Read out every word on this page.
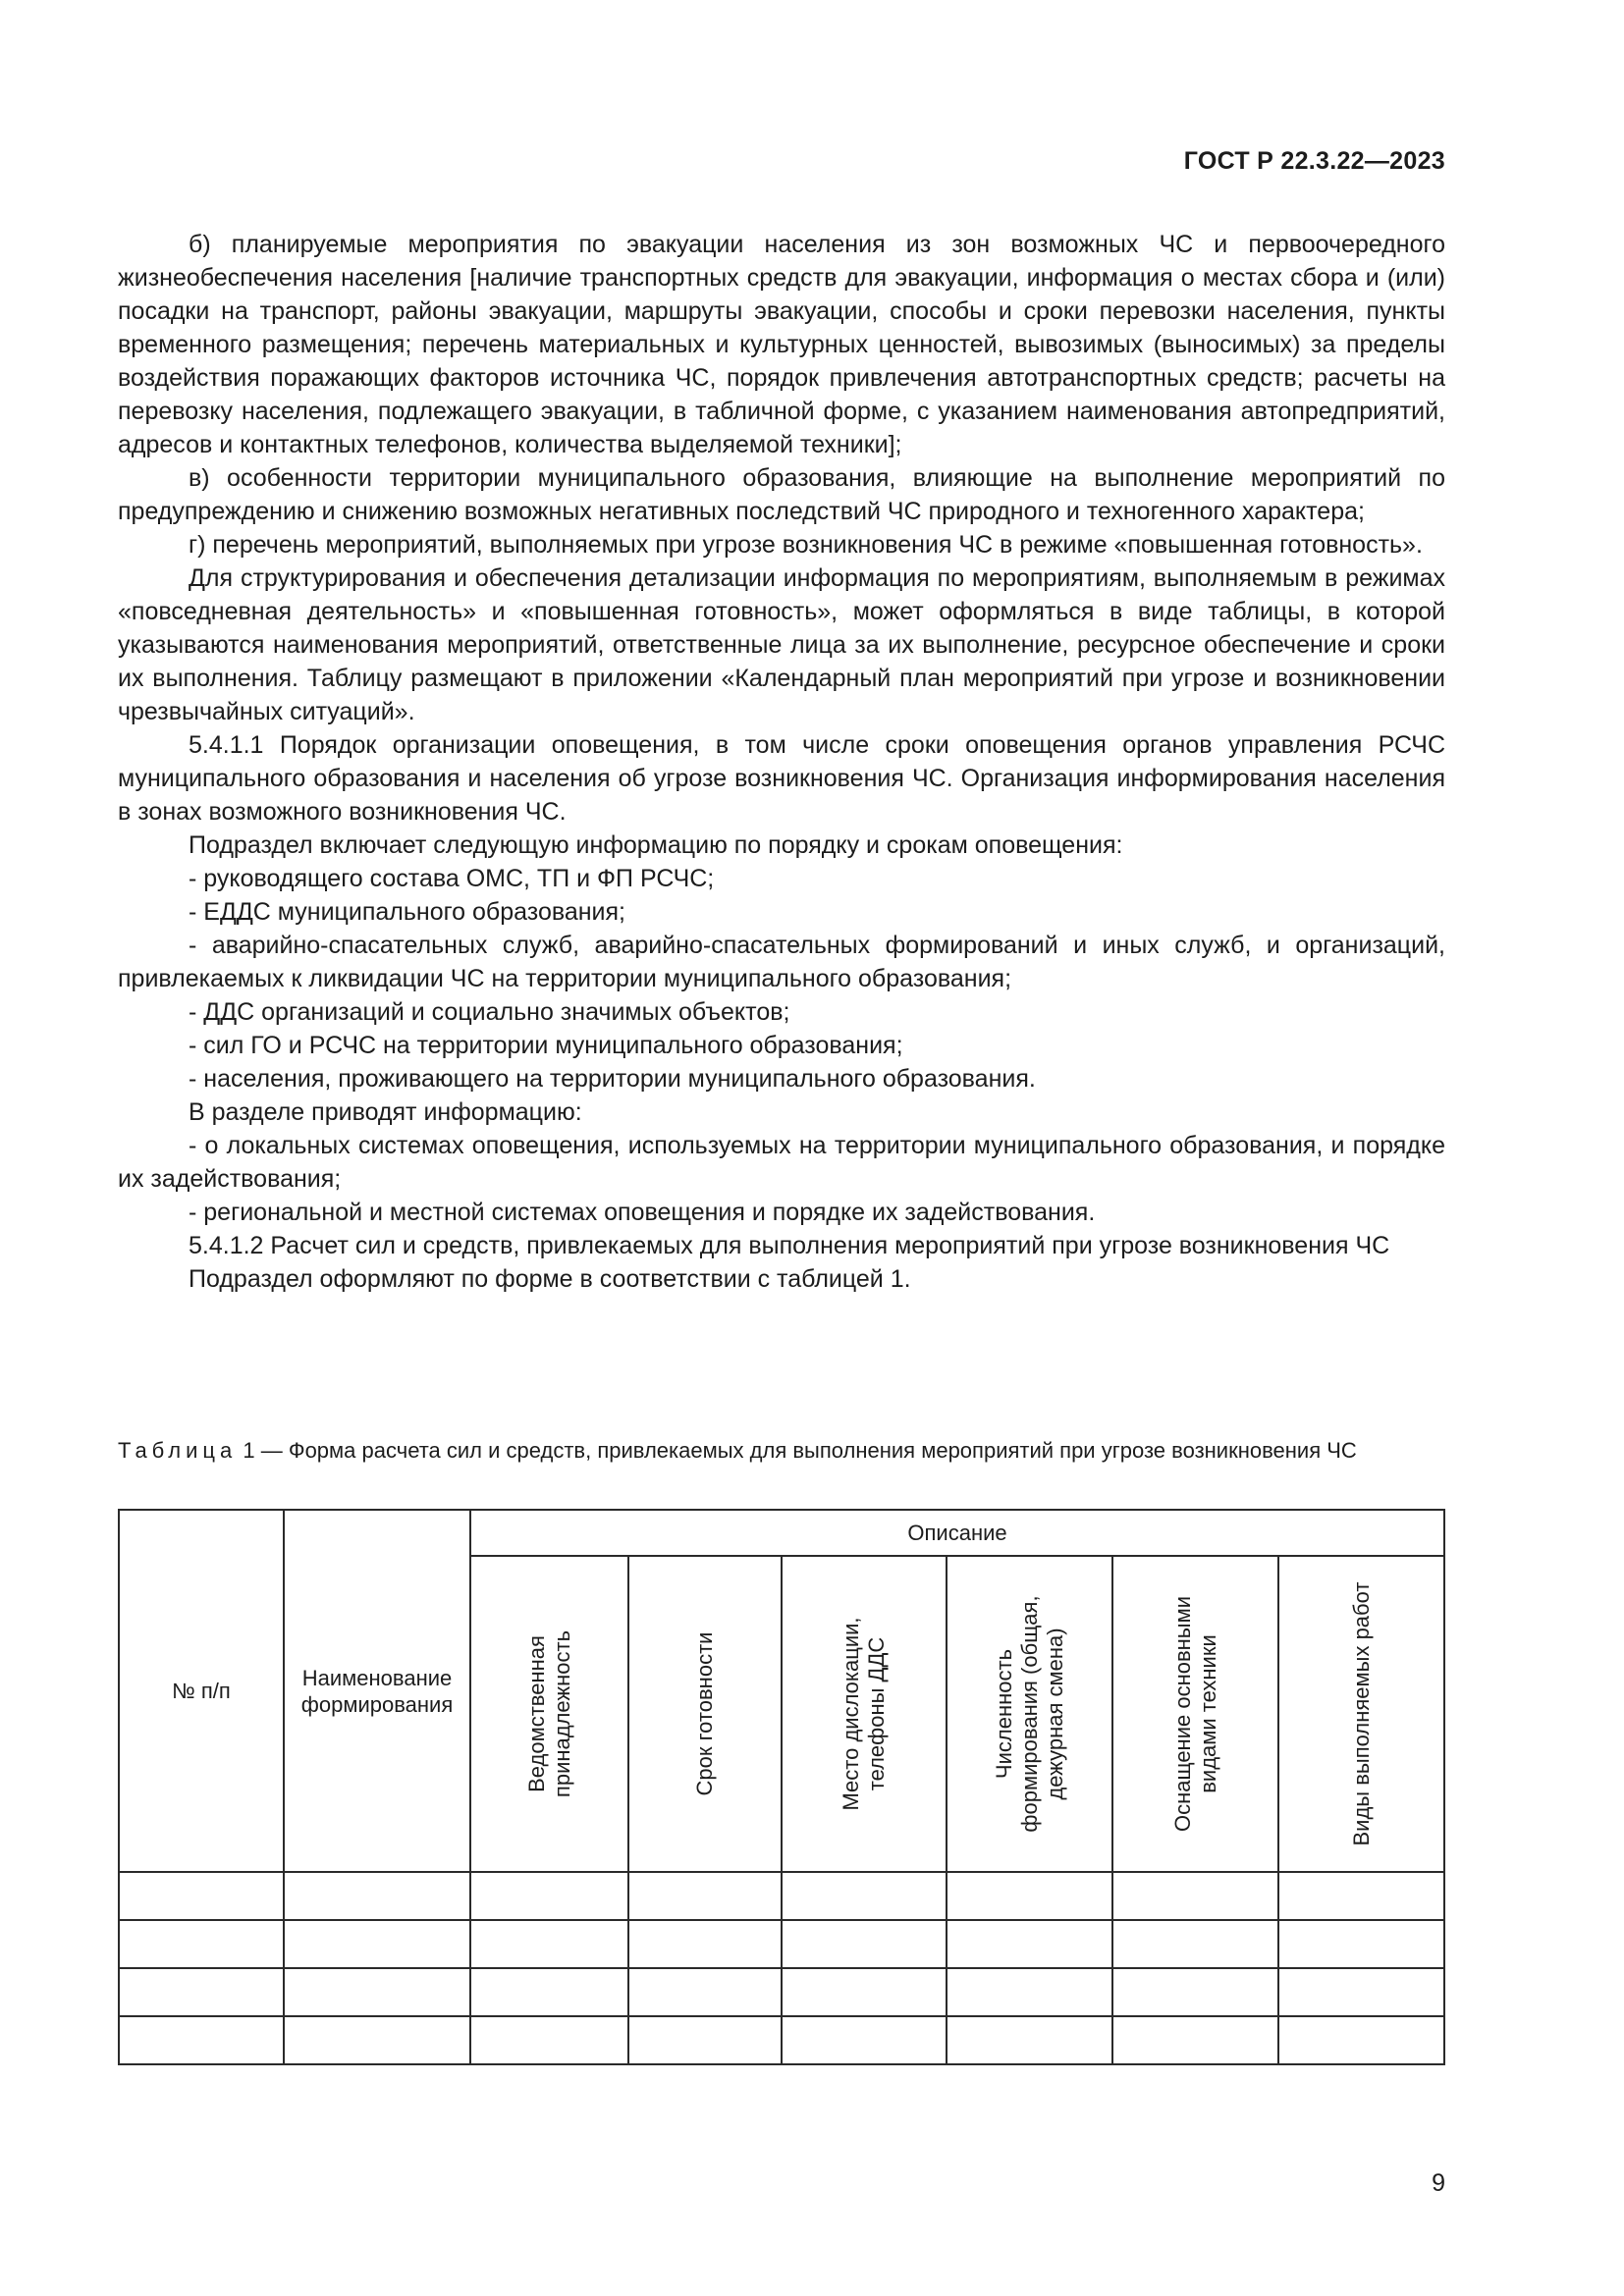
ГОСТ Р 22.3.22—2023

б) планируемые мероприятия по эвакуации населения из зон возможных ЧС и первоочередного жизнеобеспечения населения [наличие транспортных средств для эвакуации, информация о местах сбора и (или) посадки на транспорт, районы эвакуации, маршруты эвакуации, способы и сроки перевозки населения, пункты временного размещения; перечень материальных и культурных ценностей, вывозимых (выносимых) за пределы воздействия поражающих факторов источника ЧС, порядок привлечения автотранспортных средств; расчеты на перевозку населения, подлежащего эвакуации, в табличной форме, с указанием наименования автопредприятий, адресов и контактных телефонов, количества выделяемой техники];

в) особенности территории муниципального образования, влияющие на выполнение мероприятий по предупреждению и снижению возможных негативных последствий ЧС природного и техногенного характера;

г) перечень мероприятий, выполняемых при угрозе возникновения ЧС в режиме «повышенная готовность».

Для структурирования и обеспечения детализации информация по мероприятиям, выполняемым в режимах «повседневная деятельность» и «повышенная готовность», может оформляться в виде таблицы, в которой указываются наименования мероприятий, ответственные лица за их выполнение, ресурсное обеспечение и сроки их выполнения. Таблицу размещают в приложении «Календарный план мероприятий при угрозе и возникновении чрезвычайных ситуаций».

5.4.1.1 Порядок организации оповещения, в том числе сроки оповещения органов управления РСЧС муниципального образования и населения об угрозе возникновения ЧС. Организация информирования населения в зонах возможного возникновения ЧС.

Подраздел включает следующую информацию по порядку и срокам оповещения:

- руководящего состава ОМС, ТП и ФП РСЧС;

- ЕДДС муниципального образования;

- аварийно-спасательных служб, аварийно-спасательных формирований и иных служб, и организаций, привлекаемых к ликвидации ЧС на территории муниципального образования;

- ДДС организаций и социально значимых объектов;

- сил ГО и РСЧС на территории муниципального образования;

- населения, проживающего на территории муниципального образования.

В разделе приводят информацию:

- о локальных системах оповещения, используемых на территории муниципального образования, и порядке их задействования;

- региональной и местной системах оповещения и порядке их задействования.

5.4.1.2 Расчет сил и средств, привлекаемых для выполнения мероприятий при угрозе возникновения ЧС

Подраздел оформляют по форме в соответствии с таблицей 1.

Таблица 1 — Форма расчета сил и средств, привлекаемых для выполнения мероприятий при угрозе возникновения ЧС
№ п/п	Наименование формирования	Описание					

		Ведомственная принадлежность	Срок готовности	Место дислокации, телефоны ДДС	Численность формирования (общая, дежурная смена)	Оснащение основными видами техники	Виды выполняемых работ

9
